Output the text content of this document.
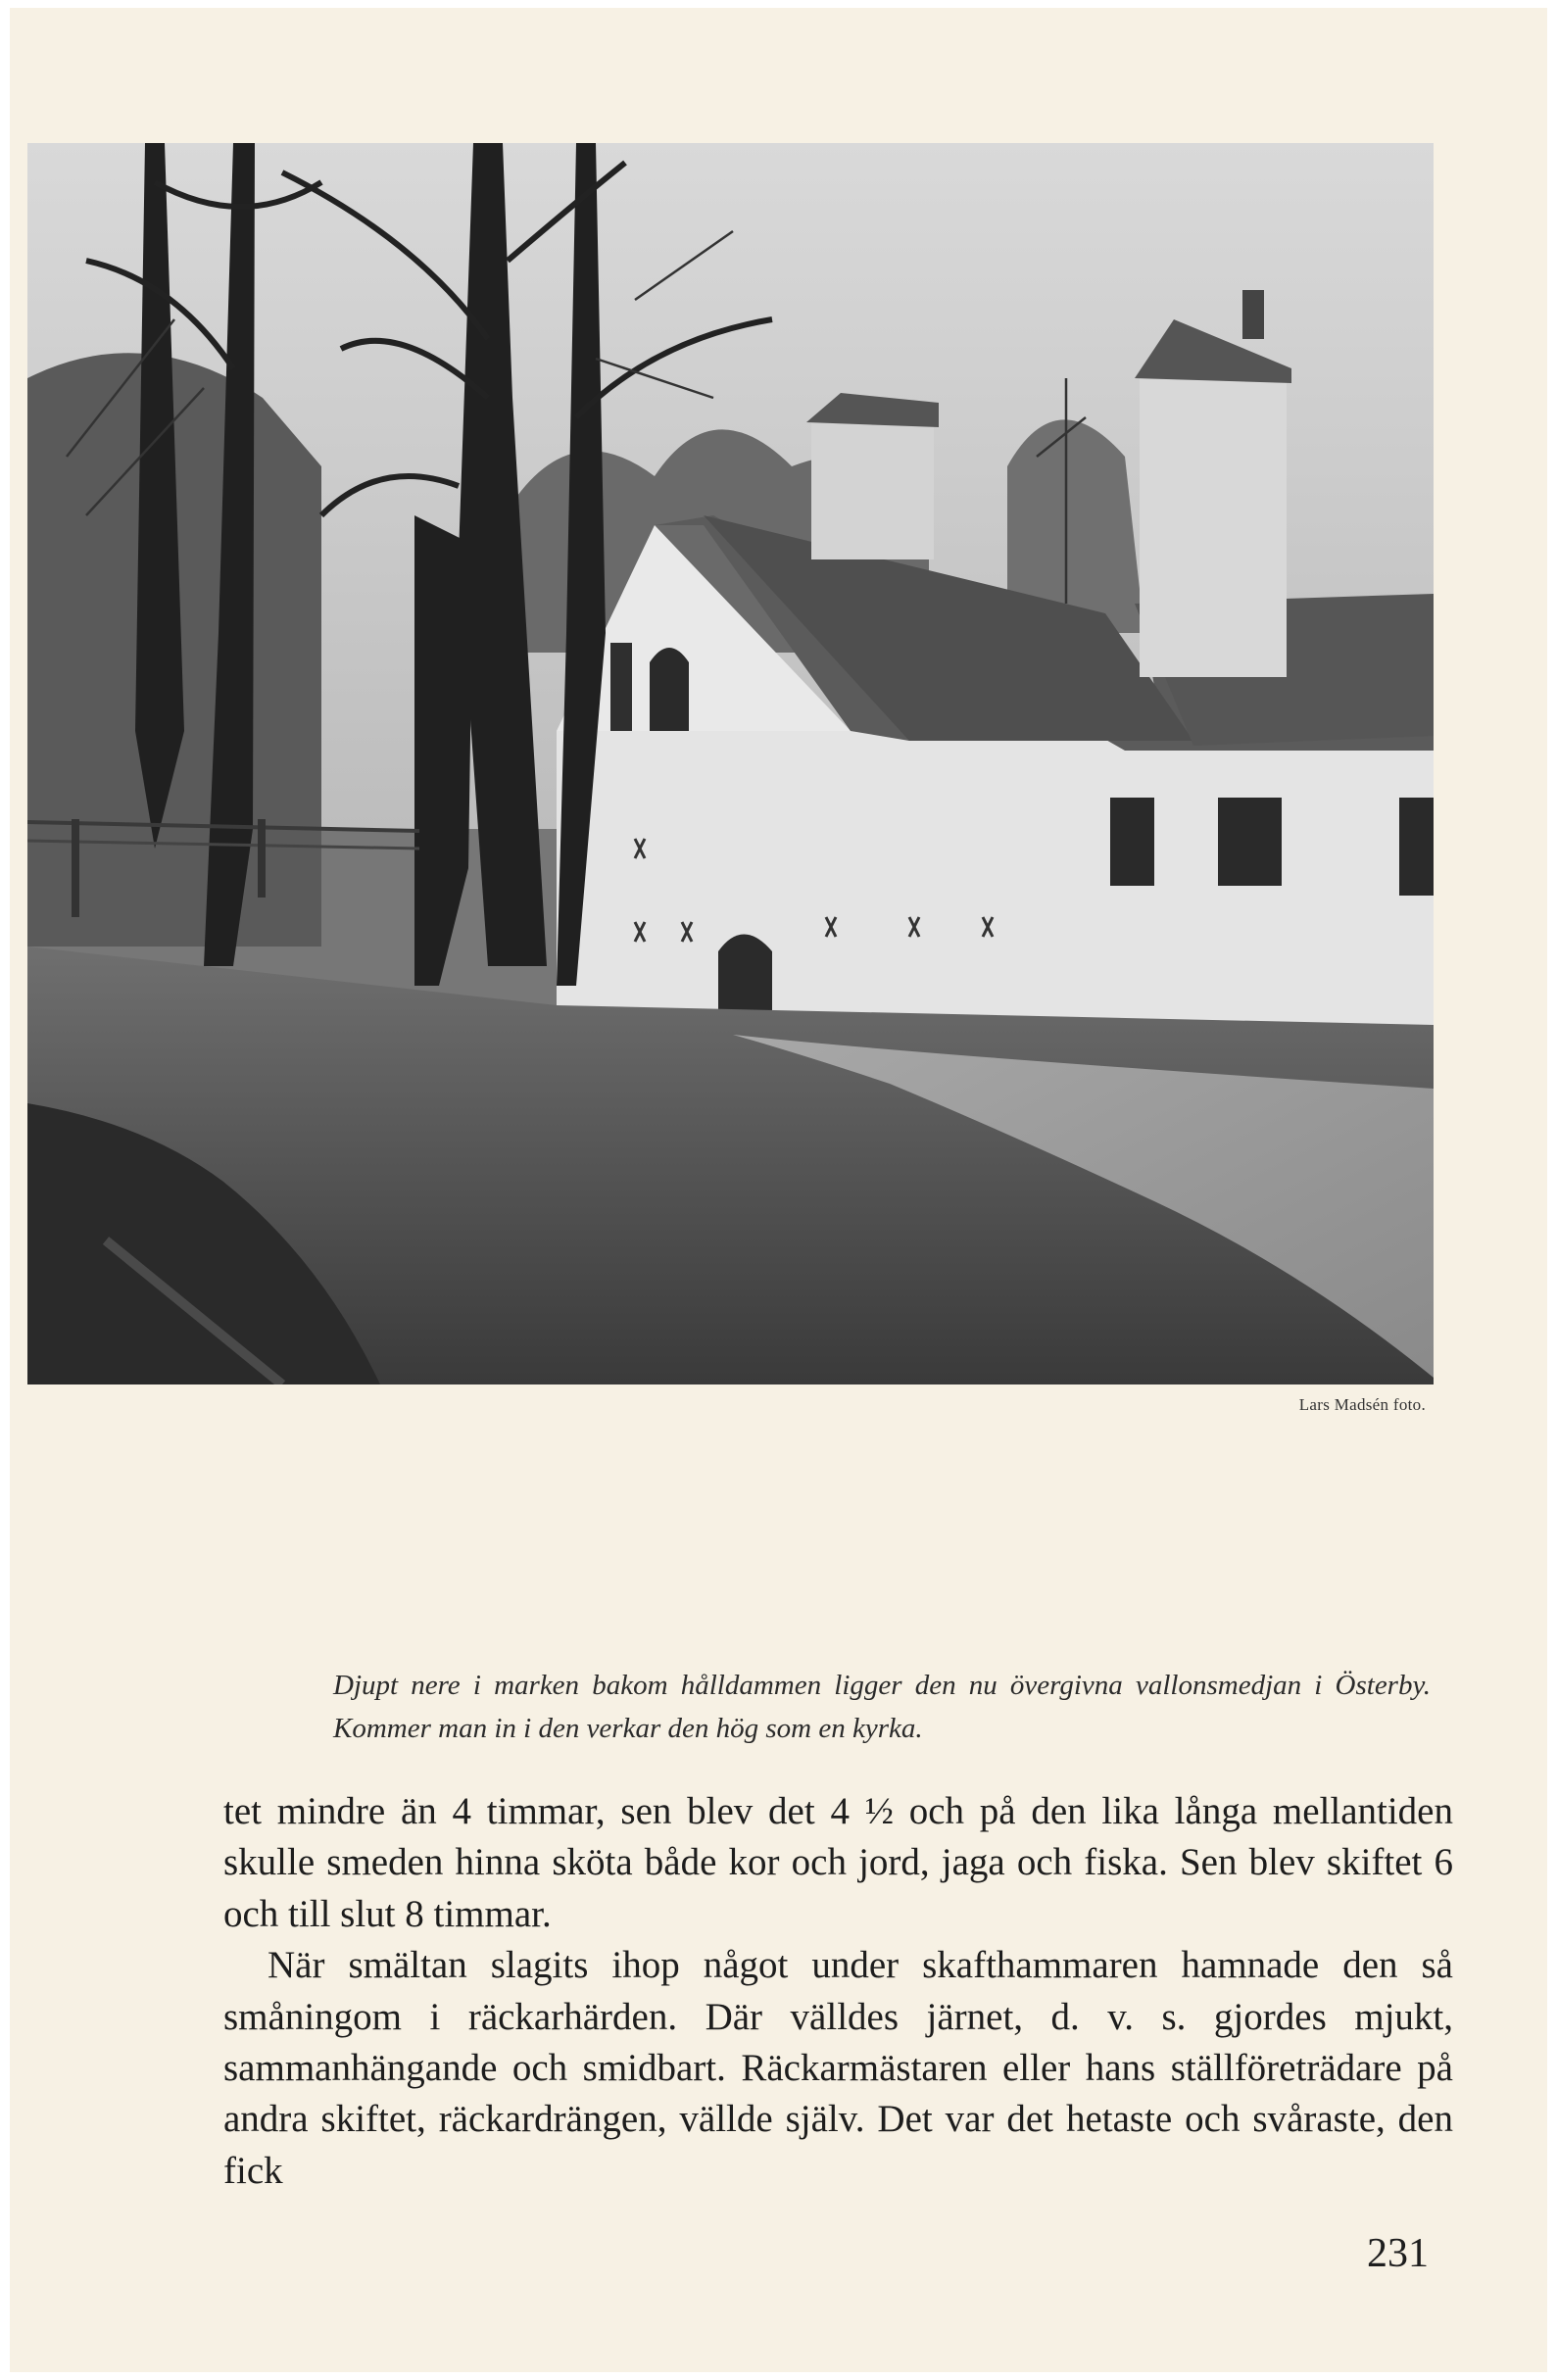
Lars Madsén foto.
Djupt nere i marken bakom hålldammen ligger den nu övergivna vallonsmedjan i Österby. Kommer man in i den verkar den hög som en kyrka.

tet mindre än 4 timmar, sen blev det 4 ½ och på den lika långa mellantiden skulle smeden hinna sköta både kor och jord, jaga och fiska. Sen blev skiftet 6 och till slut 8 timmar.

När smältan slagits ihop något under skafthammaren hamnade den så småningom i räckarhärden. Där välldes järnet, d. v. s. gjordes mjukt, sammanhängande och smidbart. Räckarmästaren eller hans ställföreträdare på andra skiftet, räckardrängen, vällde själv. Det var det hetaste och svåraste, den fick

231
